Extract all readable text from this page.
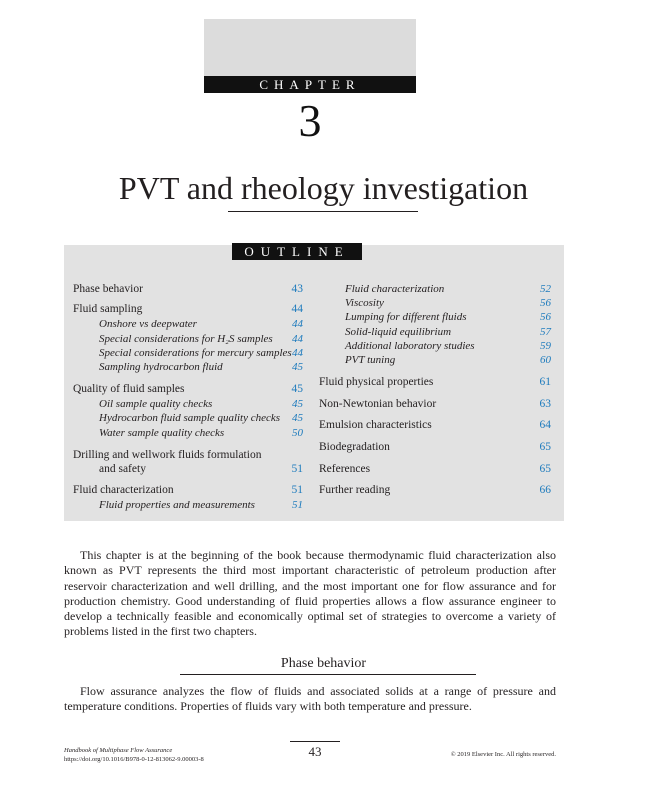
CHAPTER
3
PVT and rheology investigation
OUTLINE
Phase behavior	43
Fluid sampling	44
Onshore vs deepwater	44
Special considerations for H₂S samples	44
Special considerations for mercury samples 44
Sampling hydrocarbon fluid	45
Quality of fluid samples	45
Oil sample quality checks	45
Hydrocarbon fluid sample quality checks	45
Water sample quality checks	50
Drilling and wellwork fluids formulation
and safety	51
Fluid characterization	51
Fluid properties and measurements	51
Fluid characterization	52
Viscosity	56
Lumping for different fluids	56
Solid-liquid equilibrium	57
Additional laboratory studies	59
PVT tuning	60
Fluid physical properties	61
Non-Newtonian behavior	63
Emulsion characteristics	64
Biodegradation	65
References	65
Further reading	66
This chapter is at the beginning of the book because thermodynamic fluid characterization also known as PVT represents the third most important characteristic of petroleum production after reservoir characterization and well drilling, and the most important one for flow assurance and for production chemistry. Good understanding of fluid properties allows a flow assurance engineer to develop a technically feasible and economically optimal set of strategies to overcome a variety of problems listed in the first two chapters.
Phase behavior
Flow assurance analyzes the flow of fluids and associated solids at a range of pressure and temperature conditions. Properties of fluids vary with both temperature and pressure.
Handbook of Multiphase Flow Assurance
https://doi.org/10.1016/B978-0-12-813062-9.00003-8
43	© 2019 Elsevier Inc. All rights reserved.
